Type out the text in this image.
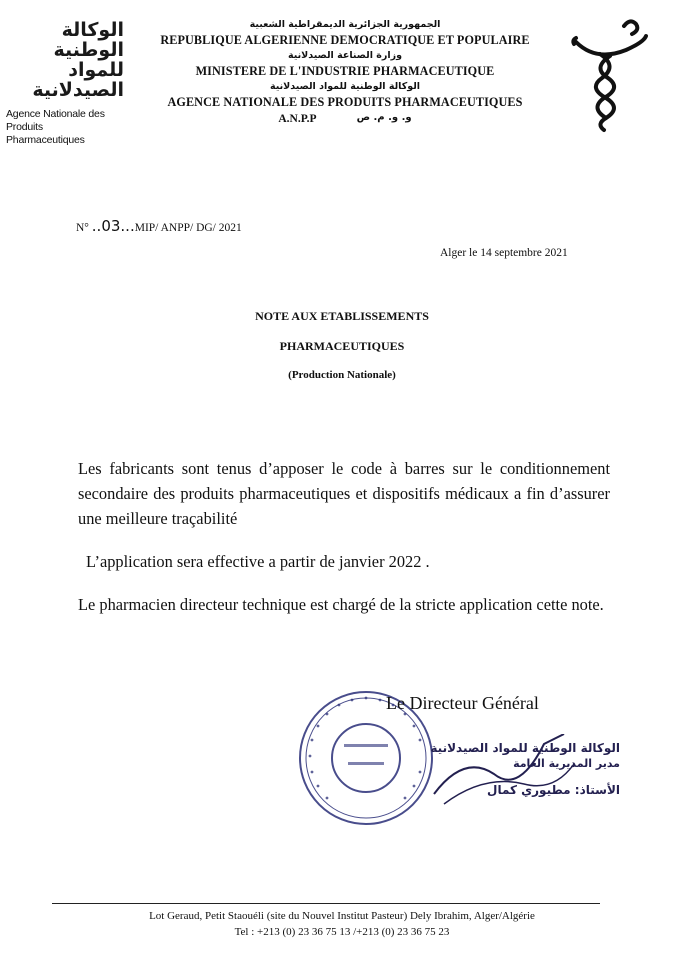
الوكالة الوطنية
للمواد الصيدلانية
Agence Nationale des
Produits Pharmaceutiques
الجمهورية الجزائرية الديمقراطية الشعبية
REPUBLIQUE ALGERIENNE DEMOCRATIQUE ET POPULAIRE
وزارة الصناعة الصيدلانية
MINISTERE DE L'INDUSTRIE PHARMACEUTIQUE
الوكالة الوطنية للمواد الصيدلانية
AGENCE NATIONALE DES PRODUITS PHARMACEUTIQUES
A.N.P.P	و. و. م. ص
N° ..03...MIP/ ANPP/ DG/ 2021
Alger le 14 septembre 2021
NOTE AUX ETABLISSEMENTS
PHARMACEUTIQUES
(Production Nationale)
Les fabricants sont tenus d’apposer le code à barres sur le conditionnement secondaire des produits pharmaceutiques et dispositifs médicaux a fin d’assurer une meilleure traçabilité
L’application sera effective a partir de janvier 2022 .
Le pharmacien directeur technique est chargé de la stricte application cette note.
Le Directeur Général
الوكالة الوطنية للمواد الصيدلانية
مدير المديرية العامة
الأستاذ: مطيوري كمال
Lot Geraud, Petit Staouéli (site du Nouvel Institut Pasteur) Dely Ibrahim, Alger/Algérie
Tel : +213 (0) 23 36 75 13 /+213 (0) 23 36 75 23
